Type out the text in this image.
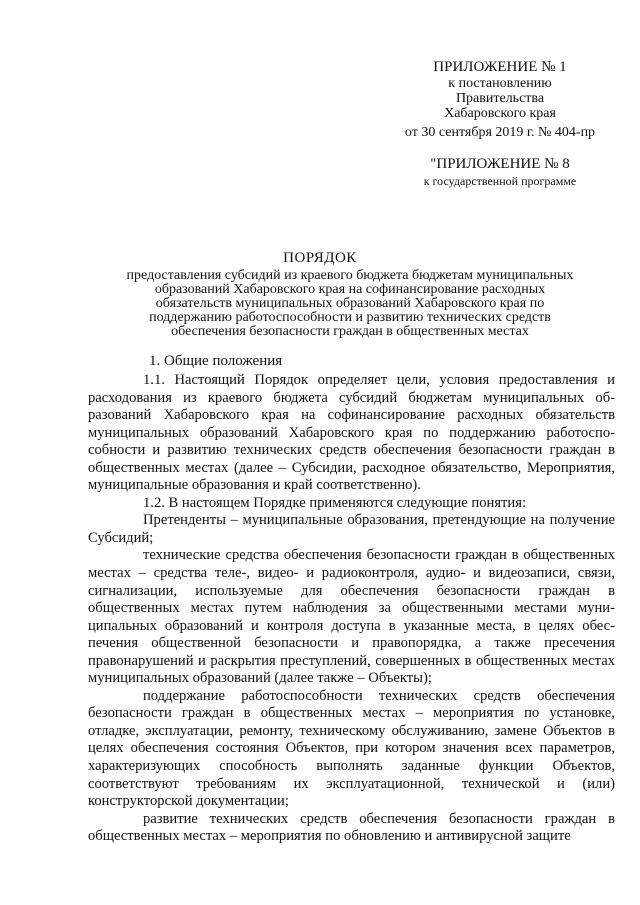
ПРИЛОЖЕНИЕ № 1
к постановлению
Правительства
Хабаровского края
от 30 сентября 2019 г. № 404-пр
"ПРИЛОЖЕНИЕ № 8
к государственной программе
ПОРЯДОК
предоставления субсидий из краевого бюджета бюджетам муниципальных
образований Хабаровского края на софинансирование расходных
обязательств муниципальных образований Хабаровского края по
поддержанию работоспособности и развитию технических средств
обеспечения безопасности граждан в общественных местах
1. Общие положения

1.1. Настоящий Порядок определяет цели, условия предоставления и расходования из краевого бюджета субсидий бюджетам муниципальных образований Хабаровского края на софинансирование расходных обязательств муниципальных образований Хабаровского края по поддержанию работоспособности и развитию технических средств обеспечения безопасности граждан в общественных местах (далее – Субсидии, расходное обязательство, Мероприятия, муниципальные образования и край соответственно).

1.2. В настоящем Порядке применяются следующие понятия:

Претенденты – муниципальные образования, претендующие на получение Субсидий;

технические средства обеспечения безопасности граждан в общественных местах – средства теле-, видео- и радиоконтроля, аудио- и видеозаписи, связи, сигнализации, используемые для обеспечения безопасности граждан в общественных местах путем наблюдения за общественными местами муниципальных образований и контроля доступа в указанные места, в целях обеспечения общественной безопасности и правопорядка, а также пресечения правонарушений и раскрытия преступлений, совершенных в общественных местах муниципальных образований (далее также – Объекты);

поддержание работоспособности технических средств обеспечения безопасности граждан в общественных местах – мероприятия по установке, отладке, эксплуатации, ремонту, техническому обслуживанию, замене Объектов в целях обеспечения состояния Объектов, при котором значения всех параметров, характеризующих способность выполнять заданные функции Объектов, соответствуют требованиям их эксплуатационной, технической и (или) конструкторской документации;

развитие технических средств обеспечения безопасности граждан в общественных местах – мероприятия по обновлению и антивирусной защите
